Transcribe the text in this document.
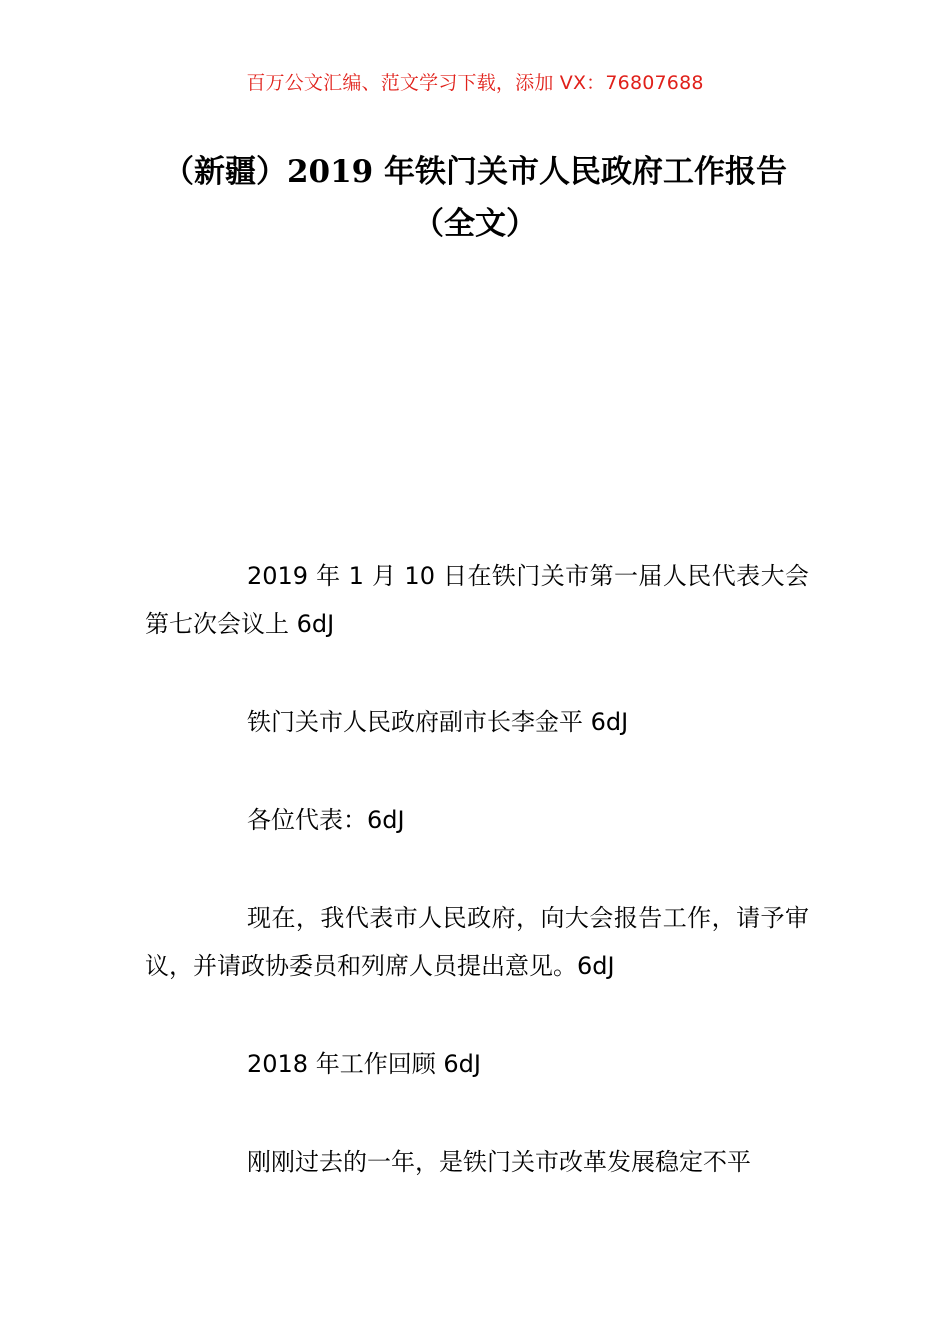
百万公文汇编、范文学习下载，添加 VX：76807688
（新疆）2019 年铁门关市人民政府工作报告（全文）

2019 年 1 月 10 日在铁门关市第一届人民代表大会第七次会议上 6dJ

铁门关市人民政府副市长李金平 6dJ

各位代表：6dJ

现在，我代表市人民政府，向大会报告工作，请予审议，并请政协委员和列席人员提出意见。6dJ

2018 年工作回顾 6dJ

刚刚过去的一年，是铁门关市改革发展稳定不平
